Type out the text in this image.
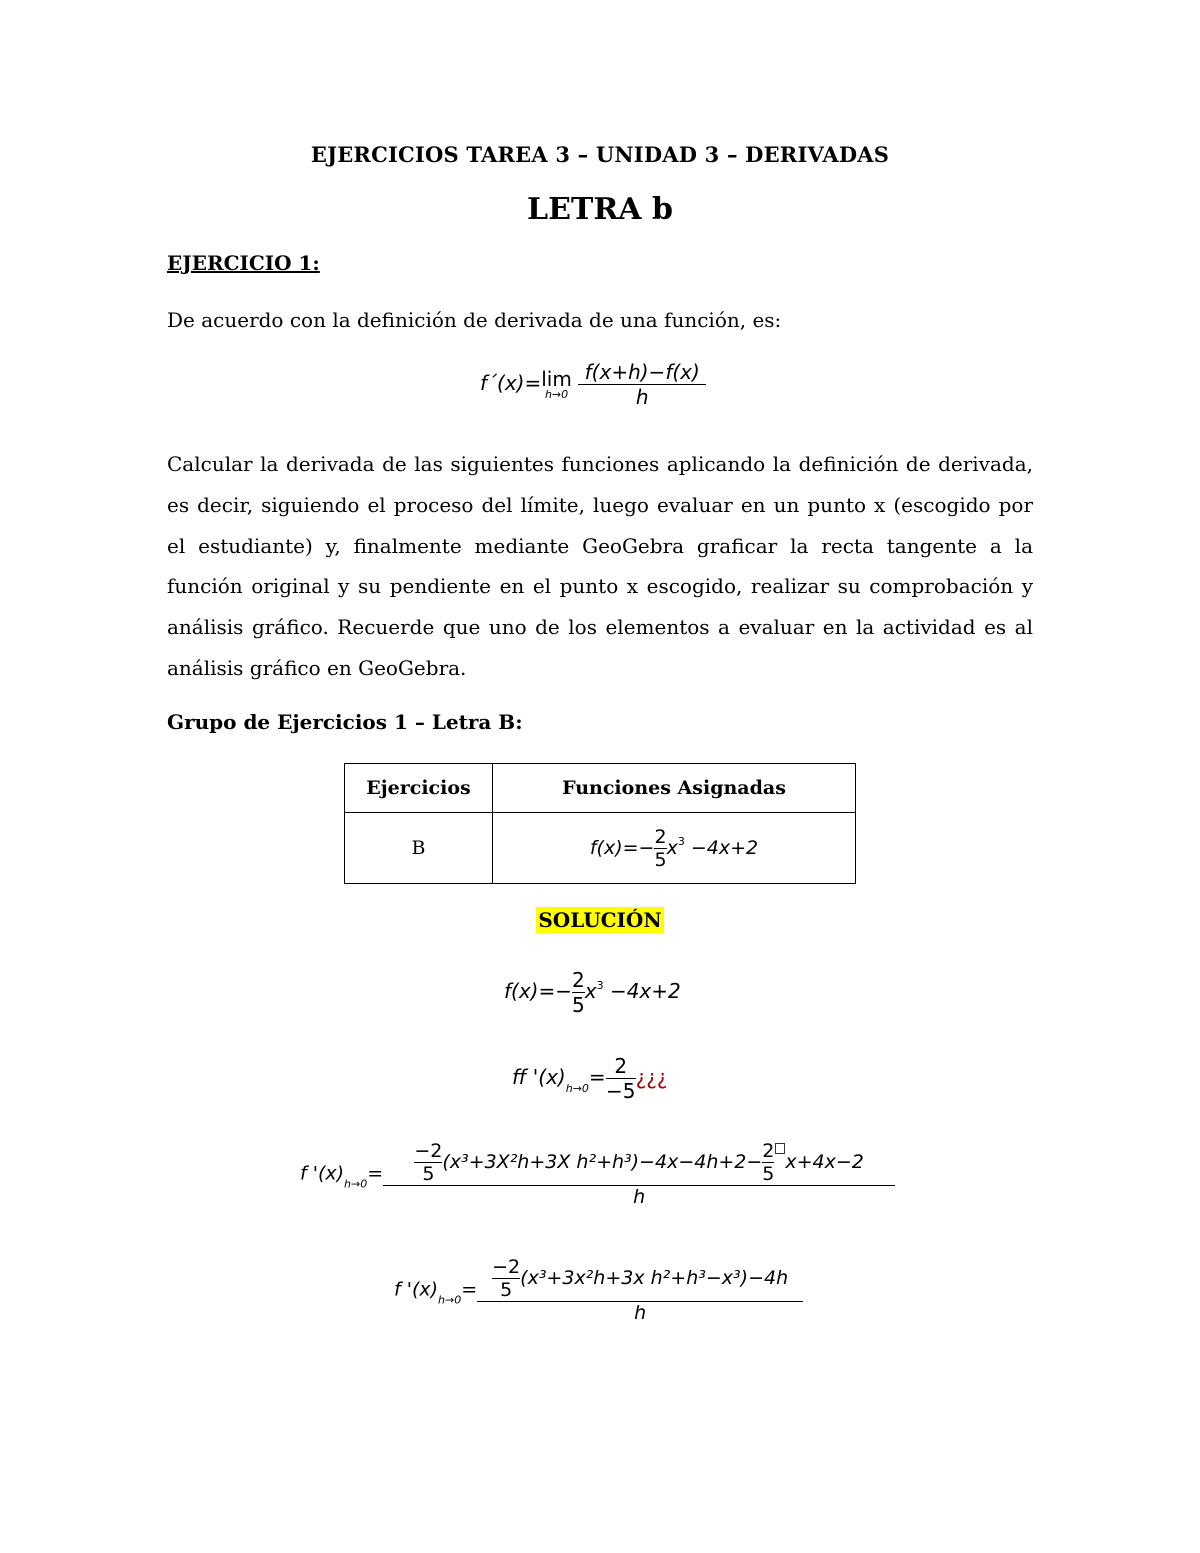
EJERCICIOS TAREA 3 – UNIDAD 3 – DERIVADAS
LETRA b
EJERCICIO 1:
De acuerdo con la definición de derivada de una función, es:
f´(x)=lim
h→0
$\frac{f(x+h)-f(x)}{h}$
Calcular la derivada de las siguientes funciones aplicando la definición de derivada, es decir, siguiendo el proceso del límite, luego evaluar en un punto x (escogido por el estudiante) y, finalmente mediante GeoGebra graficar la recta tangente a la función original y su pendiente en el punto x escogido, realizar su comprobación y análisis gráfico. Recuerde que uno de los elementos a evaluar en la actividad es al análisis gráfico en GeoGebra.
Grupo de Ejercicios 1 – Letra B:
Ejercicios	Funciones Asignadas
B	$f(x)=- \frac{2}{5} x^3 -4x+2$
SOLUCIÓN
$f(x)=- \frac{2}{5} x^3 -4x+2$
ff '$(x)_{h\to 0}= \frac{2}{-5}$ ¿¿¿
f '$(x)_{h\to 0}= \frac{\frac{-2}{5} (x^3+3X^2h+3X h^2+h^3)-4x-4h+2- \frac{2}{5} x+4x-2}{h}$
f '$(x)_{h\to 0}= \frac{\frac{-2}{5} (x^3+3x^2h+3x h^2+h^3-x^3)-4h}{h}$
